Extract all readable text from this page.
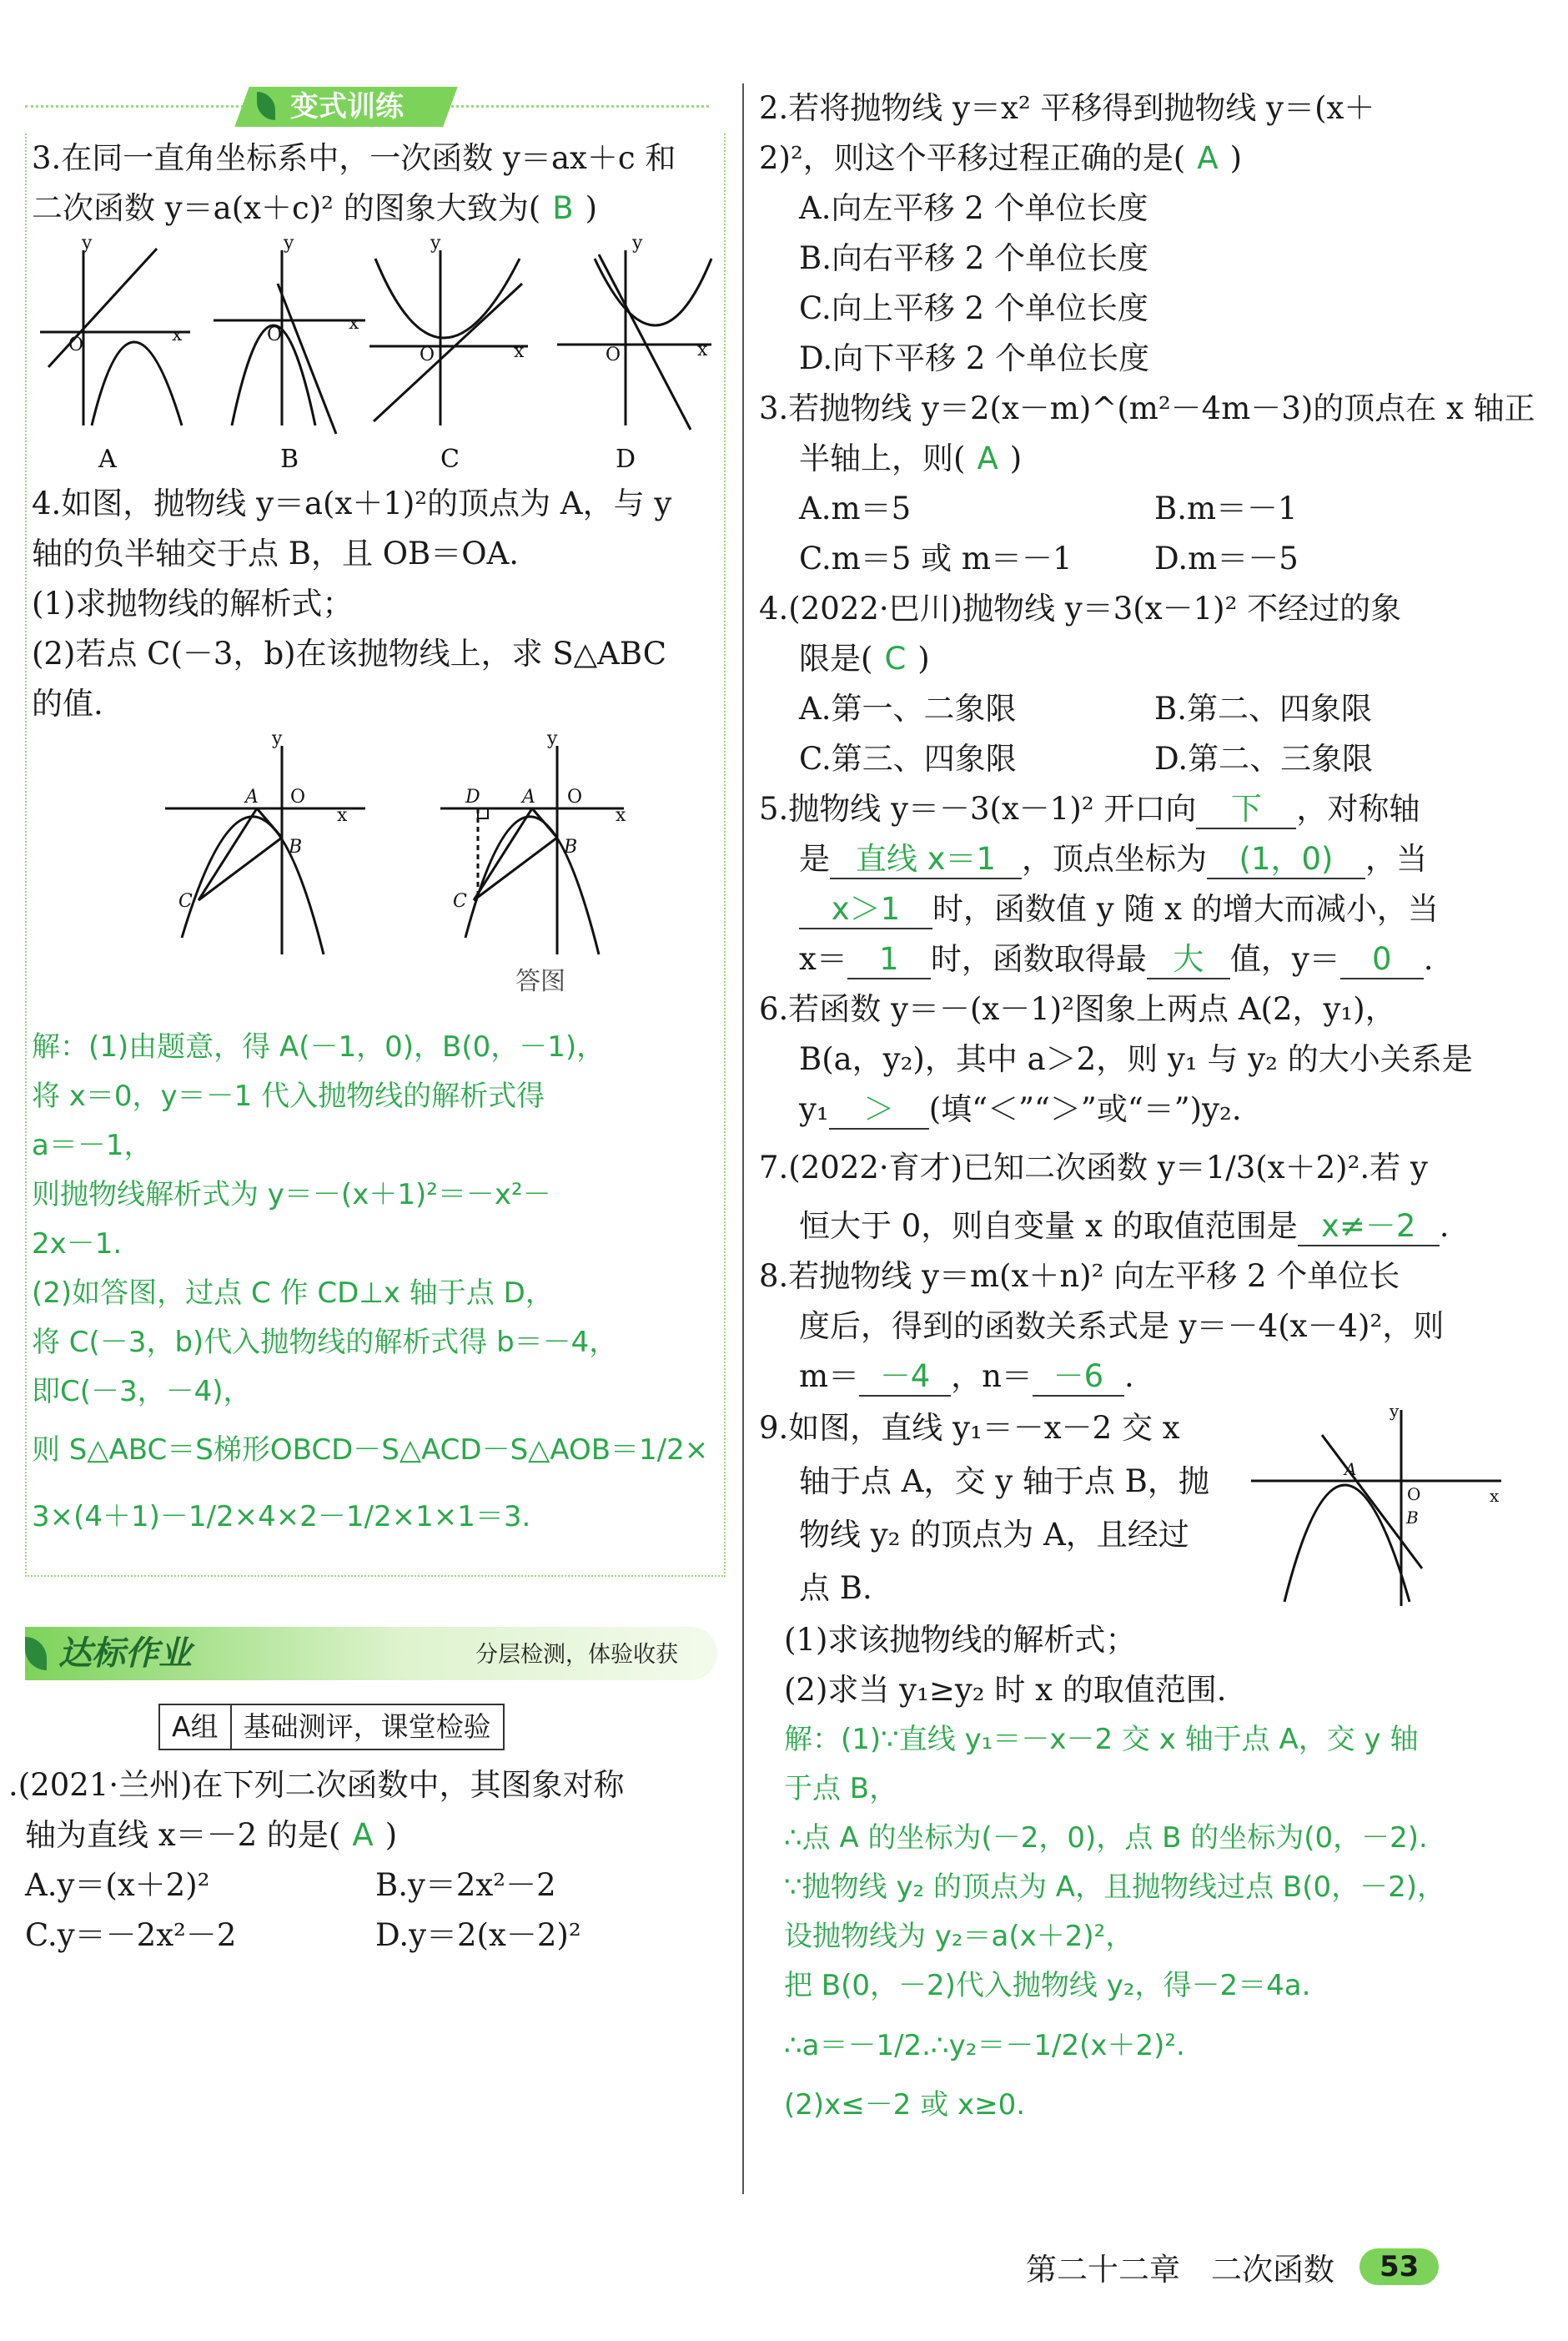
变式训练
3.在同一直角坐标系中，一次函数 y＝ax＋c 和
二次函数 y＝a(x＋c)² 的图象大致为( B )
y
x
O
A
y
x
O
B
y
x
O
C
y
x
O
D
4.如图，抛物线 y＝a(x＋1)²的顶点为 A，与 y
轴的负半轴交于点 B，且 OB＝OA.
(1)求抛物线的解析式；
(2)若点 C(－3，b)在该抛物线上，求 S△ABC
的值.
y
x
O
A
B
C
y
x
O
A
D
B
C
答图
解：(1)由题意，得 A(－1，0)，B(0，－1)，
将 x＝0，y＝－1 代入抛物线的解析式得
a＝－1，
则抛物线解析式为 y＝－(x＋1)²＝－x²－
2x－1.
(2)如答图，过点 C 作 CD⊥x 轴于点 D，
将 C(－3，b)代入抛物线的解析式得 b＝－4，
即C(－3，－4)，
则 S△ABC＝S梯形OBCD－S△ACD－S△AOB＝1/2×
3×(4＋1)－1/2×4×2－1/2×1×1＝3.
达标作业	分层检测，体验收获
A组 基础测评，课堂检验
.(2021·兰州)在下列二次函数中，其图象对称
轴为直线 x＝－2 的是( A )
A.y＝(x＋2)²	B.y＝2x²－2
C.y＝－2x²－2	D.y＝2(x－2)²
2.若将抛物线 y＝x² 平移得到抛物线 y＝(x＋
2)²，则这个平移过程正确的是( A )
A.向左平移 2 个单位长度
B.向右平移 2 个单位长度
C.向上平移 2 个单位长度
D.向下平移 2 个单位长度
3.若抛物线 y＝2(x－m)^(m²－4m－3)的顶点在 x 轴正
半轴上，则( A )
A.m＝5	B.m＝－1
C.m＝5 或 m＝－1	D.m＝－5
4.(2022·巴川)抛物线 y＝3(x－1)² 不经过的象
限是( C )
A.第一、二象限	B.第二、四象限
C.第三、四象限	D.第二、三象限
5.抛物线 y＝－3(x－1)² 开口向 下 ，对称轴
是 直线 x＝1 ，顶点坐标为 (1，0) ，当
x＞1 时，函数值 y 随 x 的增大而减小，当
x＝ 1 时，函数取得最 大 值，y＝ 0 .
6.若函数 y＝－(x－1)²图象上两点 A(2，y₁)，
B(a，y₂)，其中 a＞2，则 y₁ 与 y₂ 的大小关系是
y₁ ＞ (填“＜”“＞”或“＝”)y₂.
7.(2022·育才)已知二次函数 y＝1/3(x＋2)².若 y
恒大于 0，则自变量 x 的取值范围是 x≠－2 .
8.若抛物线 y＝m(x＋n)² 向左平移 2 个单位长
度后，得到的函数关系式是 y＝－4(x－4)²，则
m＝ －4 ，n＝ －6 .
9.如图，直线 y₁＝－x－2 交 x
轴于点 A，交 y 轴于点 B，抛
物线 y₂ 的顶点为 A，且经过
点 B.
y
x
O
A
B
(1)求该抛物线的解析式；
(2)求当 y₁≥y₂ 时 x 的取值范围.
解：(1)∵直线 y₁＝－x－2 交 x 轴于点 A，交 y 轴
于点 B，
∴点 A 的坐标为(－2，0)，点 B 的坐标为(0，－2).
∵抛物线 y₂ 的顶点为 A，且抛物线过点 B(0，－2)，
设抛物线为 y₂＝a(x＋2)²，
把 B(0，－2)代入抛物线 y₂，得－2＝4a.
∴a＝－1/2.∴y₂＝－1/2(x＋2)².
(2)x≤－2 或 x≥0.
第二十二章　二次函数	53
